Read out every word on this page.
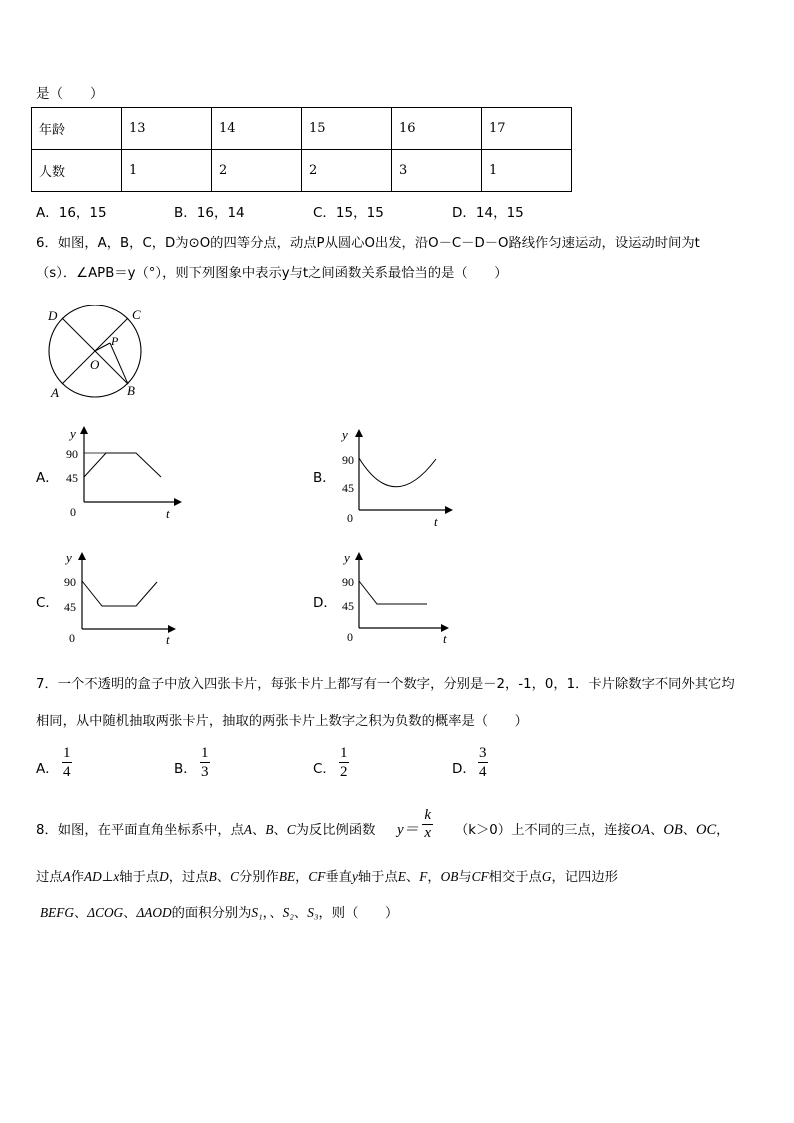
是（　　）
年龄	13	14	15	16	17
人数	1	2	2	3	1
A．16，15	B．16，14	C．15，15	D．14，15
6．如图，A，B，C，D为⊙O的四等分点，动点P从圆心O出发，沿O－C－D－O路线作匀速运动，设运动时间为t
（s）．∠APB＝y（°），则下列图象中表示y与t之间函数关系最恰当的是（　　）
D	C
P
O
A	B
A．
y
90
45
0	t
B．
y
90
45
0	t
C．
y
90
45
0	t
D．
y
90
45
0	t
7．一个不透明的盒子中放入四张卡片，每张卡片上都写有一个数字，分别是－2，-1，0，1．卡片除数字不同外其它均
相同，从中随机抽取两张卡片，抽取的两张卡片上数字之积为负数的概率是（　　）
A． $\frac{1}{4}$	B． $\frac{1}{3}$	C． $\frac{1}{2}$	D． $\frac{3}{4}$
8．如图，在平面直角坐标系中，点A、B、C为反比例函数 $y= \frac{k}{x} (k>0)$上不同的三点，连接OA、OB、OC，
过点A作AD⊥x轴于点D，过点B、C分别作BE，CF垂直y轴于点E、F，OB与CF相交于点G，记四边形
BEFG、ΔCOG、ΔAOD的面积分别为S₁，、S₂、S₃，则（　　）
